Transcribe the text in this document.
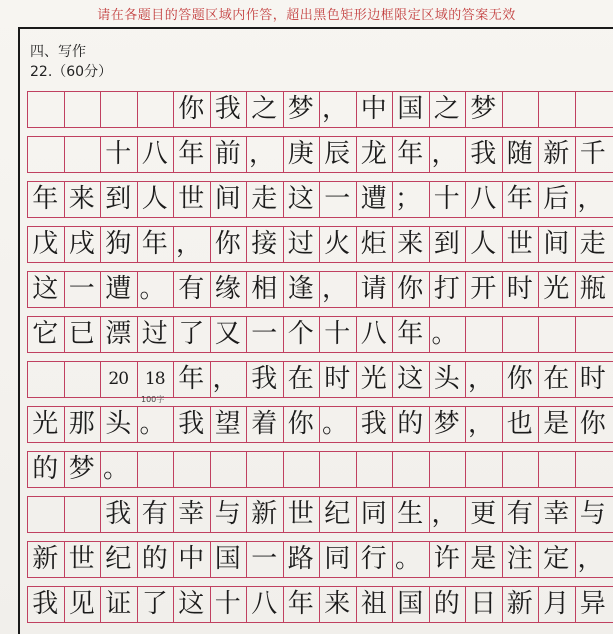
请在各题目的答题区域内作答，超出黑色矩形边框限定区域的答案无效
四、写作
22.（60分）
你 我 之 梦 ， 中 国 之 梦
十 八 年 前 ， 庚 辰 龙 年 ， 我 随 新 千
年 来 到 人 世 间 走 这 一 遭 ； 十 八 年 后 ，
戊 戌 狗 年 ， 你 接 过 火 炬 来 到 人 世 间 走
这 一 遭 。 有 缘 相 逢 ， 请 你 打 开 时 光 瓶
它 已 漂 过 了 又 一 个 十 八 年 。
20 18 年 ， 我 在 时 光 这 头 ， 你 在 时
光 那 头 。 我 望 着 你 。 我 的 梦 ， 也 是 你
的 梦 。
我 有 幸 与 新 世 纪 同 生 ， 更 有 幸 与
新 世 纪 的 中 国 一 路 同 行 。 许 是 注 定 ，
我 见 证 了 这 十 八 年 来 祖 国 的 日 新 月 异
100字
